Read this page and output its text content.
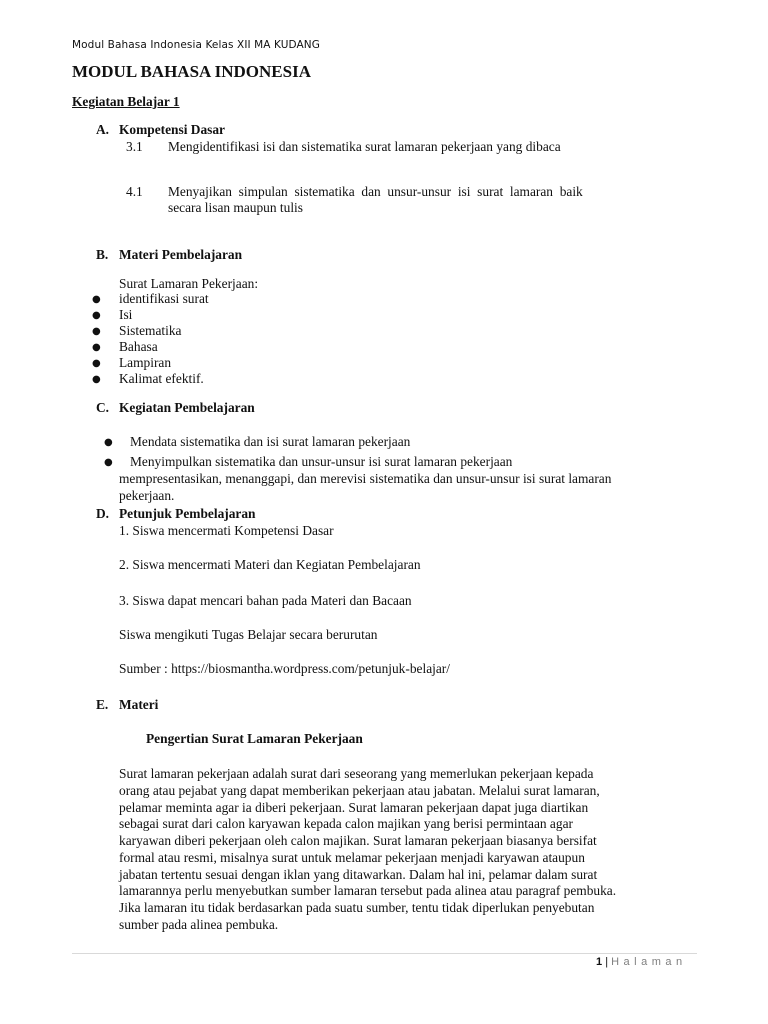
Modul Bahasa Indonesia Kelas XII MA KUDANG
MODUL BAHASA INDONESIA
Kegiatan Belajar 1
A. Kompetensi Dasar
3.1 Mengidentifikasi isi dan sistematika surat lamaran pekerjaan yang dibaca
4.1 Menyajikan  simpulan  sistematika  dan  unsur-unsur  isi  surat  lamaran  baik
secara lisan maupun tulis
B. Materi Pembelajaran
Surat Lamaran Pekerjaan:
● identifikasi surat
● Isi
● Sistematika
● Bahasa
● Lampiran
● Kalimat efektif.
C. Kegiatan Pembelajaran
● Mendata sistematika dan isi surat lamaran pekerjaan
● Menyimpulkan sistematika dan unsur-unsur isi surat lamaran pekerjaan
mempresentasikan, menanggapi, dan merevisi sistematika dan unsur-unsur isi surat lamaran
pekerjaan.
D. Petunjuk Pembelajaran
1. Siswa mencermati Kompetensi Dasar
2. Siswa mencermati Materi dan Kegiatan Pembelajaran
3. Siswa dapat mencari bahan pada Materi dan Bacaan
Siswa mengikuti Tugas Belajar secara berurutan
Sumber : https://biosmantha.wordpress.com/petunjuk-belajar/
E. Materi
Pengertian Surat Lamaran Pekerjaan

Surat lamaran pekerjaan adalah surat dari seseorang yang memerlukan pekerjaan kepada

orang atau pejabat yang dapat memberikan pekerjaan atau jabatan. Melalui surat lamaran,

pelamar meminta agar ia diberi pekerjaan. Surat lamaran pekerjaan dapat juga diartikan

sebagai surat dari calon karyawan kepada calon majikan yang berisi permintaan agar

karyawan diberi pekerjaan oleh calon majikan. Surat lamaran pekerjaan biasanya bersifat

formal atau resmi, misalnya surat untuk melamar pekerjaan menjadi karyawan ataupun

jabatan tertentu sesuai dengan iklan yang ditawarkan. Dalam hal ini, pelamar dalam surat

lamarannya perlu menyebutkan sumber lamaran tersebut pada alinea atau paragraf pembuka.

Jika lamaran itu tidak berdasarkan pada suatu sumber, tentu tidak diperlukan penyebutan

sumber pada alinea pembuka.

1 | Halaman
